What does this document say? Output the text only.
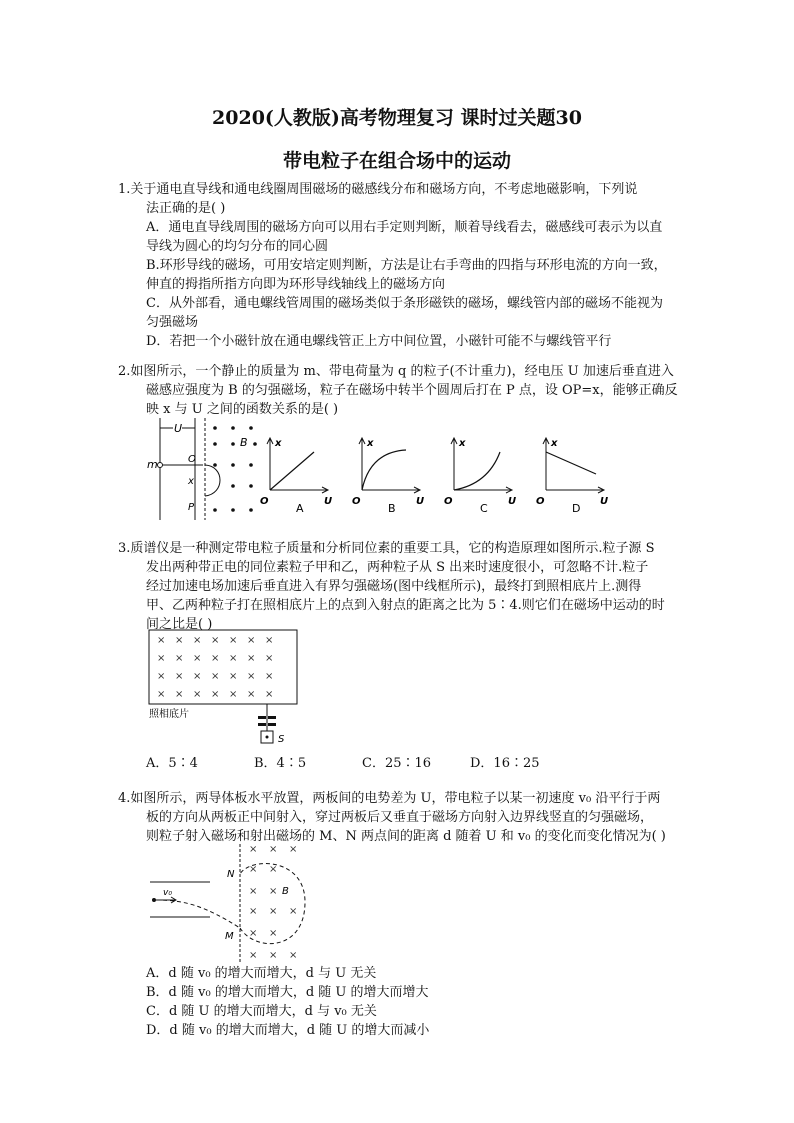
2020(人教版)高考物理复习 课时过关题30
带电粒子在组合场中的运动

1.关于通电直导线和通电线圈周围磁场的磁感线分布和磁场方向，不考虑地磁影响，下列说

法正确的是( )

A．通电直导线周围的磁场方向可以用右手定则判断，顺着导线看去，磁感线可表示为以直

导线为圆心的均匀分布的同心圆

B.环形导线的磁场，可用安培定则判断，方法是让右手弯曲的四指与环形电流的方向一致，

伸直的拇指所指方向即为环形导线轴线上的磁场方向

C．从外部看，通电螺线管周围的磁场类似于条形磁铁的磁场，螺线管内部的磁场不能视为

匀强磁场

D．若把一个小磁针放在通电螺线管正上方中间位置，小磁针可能不与螺线管平行

2.如图所示，一个静止的质量为 m、带电荷量为 q 的粒子(不计重力)，经电压 U 加速后垂直进入

磁感应强度为 B 的匀强磁场，粒子在磁场中转半个圆周后打在 P 点，设 OP=x，能够正确反

映 x 与 U 之间的函数关系的是( )

U
m	O
x
P
B	x
O	U
A
x
O	U
B
x
O	U
C
x
O	U
D

3.质谱仪是一种测定带电粒子质量和分析同位素的重要工具，它的构造原理如图所示.粒子源 S

发出两种带正电的同位素粒子甲和乙，两种粒子从 S 出来时速度很小，可忽略不计.粒子

经过加速电场加速后垂直进入有界匀强磁场(图中线框所示)，最终打到照相底片上.测得

甲、乙两种粒子打在照相底片上的点到入射点的距离之比为 5∶4.则它们在磁场中运动的时

间之比是( )

× × × × × × ×
× × × × × × ×
× × × × × × ×
× × × × × × ×
照相底片
S
A．5∶4	B．4∶5	C．25∶16	D．16∶25

4.如图所示，两导体板水平放置，两板间的电势差为 U，带电粒子以某一初速度 v₀ 沿平行于两

板的方向从两板正中间射入，穿过两板后又垂直于磁场方向射入边界线竖直的匀强磁场，

则粒子射入磁场和射出磁场的 M、N 两点间的距离 d 随着 U 和 v₀ 的变化而变化情况为( )

v₀
N
M
B
× × ×
× ×
× ×
× × ×
× ×
× × ×

A．d 随 v₀ 的增大而增大，d 与 U 无关

B．d 随 v₀ 的增大而增大，d 随 U 的增大而增大

C．d 随 U 的增大而增大，d 与 v₀ 无关

D．d 随 v₀ 的增大而增大，d 随 U 的增大而减小
